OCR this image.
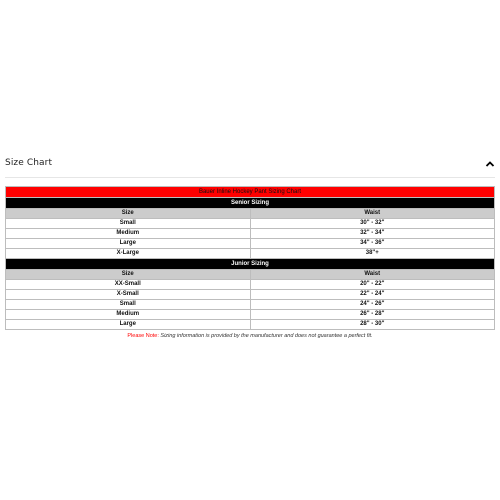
Size Chart
Bauer Inline Hockey Pant Sizing Chart	
Senior Sizing	
Size	Waist
Small	30" - 32"
Medium	32" - 34"
Large	34" - 36"
X-Large	38"+
Junior Sizing	
Size	Waist
XX-Small	20" - 22"
X-Small	22" - 24"
Small	24" - 26"
Medium	26" - 28"
Large	28" - 30"
Please Note: Sizing information is provided by the manufacturer and does not guarantee a perfect fit.
